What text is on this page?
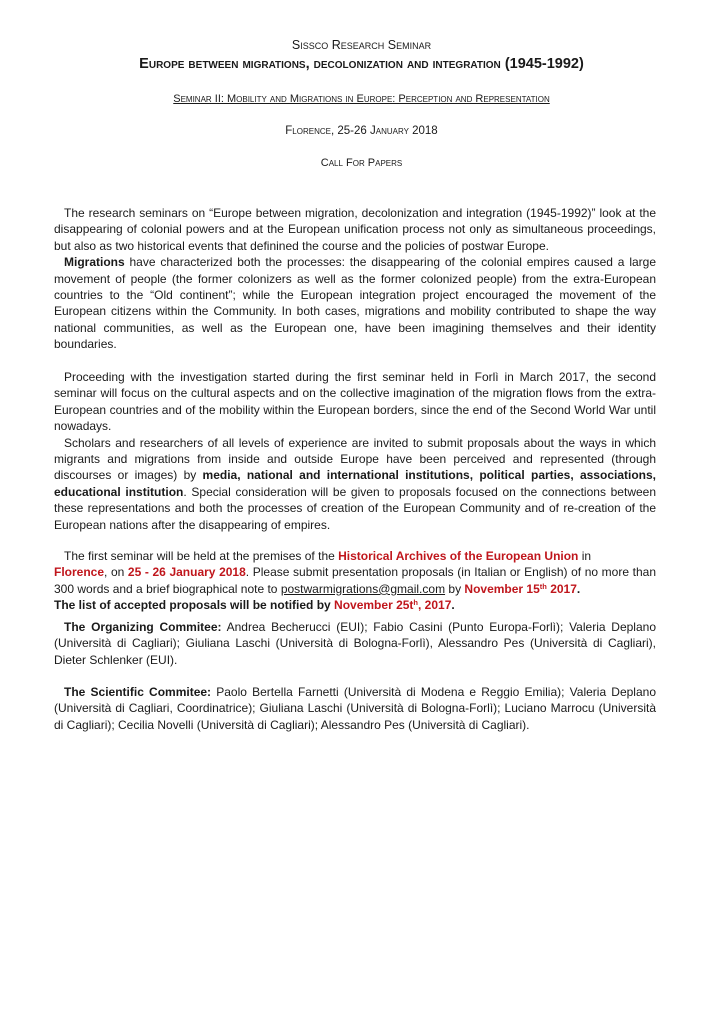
Sissco Research Seminar
Europe between migrations, decolonization and integration (1945-1992)
Seminar II: Mobility and Migrations in Europe: Perception and Representation
Florence, 25-26 January 2018
Call For Papers

The research seminars on “Europe between migration, decolonization and integration (1945-1992)” look at the disappearing of colonial powers and at the European unification process not only as simultaneous proceedings, but also as two historical events that definined the course and the policies of postwar Europe.

Migrations have characterized both the processes: the disappearing of the colonial empires caused a large movement of people (the former colonizers as well as the former colonized people) from the extra-European countries to the “Old continent”; while the European integration project encouraged the movement of the European citizens within the Community. In both cases, migrations and mobility contributed to shape the way national communities, as well as the European one, have been imagining themselves and their identity boundaries.

Proceeding with the investigation started during the first seminar held in Forlì in March 2017, the second seminar will focus on the cultural aspects and on the collective imagination of the migration flows from the extra-European countries and of the mobility within the European borders, since the end of the Second World War until nowadays.

Scholars and researchers of all levels of experience are invited to submit proposals about the ways in which migrants and migrations from inside and outside Europe have been perceived and represented (through discourses or images) by media, national and international institutions, political parties, associations, educational institution. Special consideration will be given to proposals focused on the connections between these representations and both the processes of creation of the European Community and of re-creation of the European nations after the disappearing of empires.

The first seminar will be held at the premises of the Historical Archives of the European Union in
Florence, on 25 - 26 January 2018. Please submit presentation proposals (in Italian or English) of no more than 300 words and a brief biographical note to postwarmigrations@gmail.com by November 15th 2017.
The list of accepted proposals will be notified by November $25t^h$, 2017.

The Organizing Commitee: Andrea Becherucci (EUI); Fabio Casini (Punto Europa-Forlì); Valeria Deplano (Università di Cagliari); Giuliana Laschi (Università di Bologna-Forlì), Alessandro Pes (Università di Cagliari), Dieter Schlenker (EUI).

The Scientific Commitee: Paolo Bertella Farnetti (Università di Modena e Reggio Emilia); Valeria Deplano (Università di Cagliari, Coordinatrice); Giuliana Laschi (Università di Bologna-Forlì); Luciano Marrocu (Università di Cagliari); Cecilia Novelli (Università di Cagliari); Alessandro Pes (Università di Cagliari).
